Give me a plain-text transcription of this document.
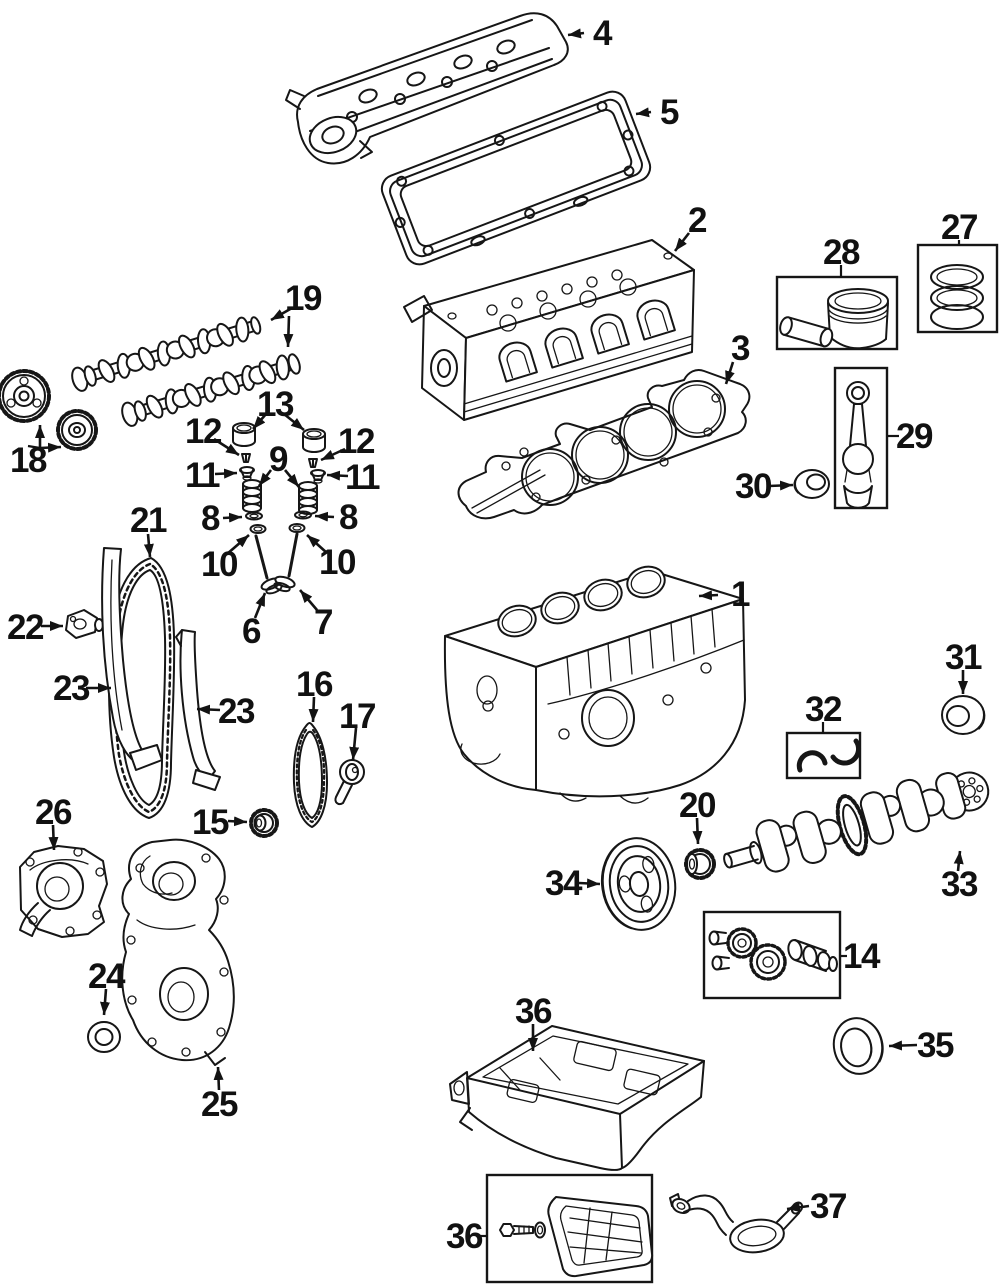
1
2
3
4
5
6 7
8	8
9
10 10
11	11
12	12
13
14
15
16
17
18
19
20
21
22
23
23
24
25
26
27
28
29
30
31
32
33
34
35
36
36
37
